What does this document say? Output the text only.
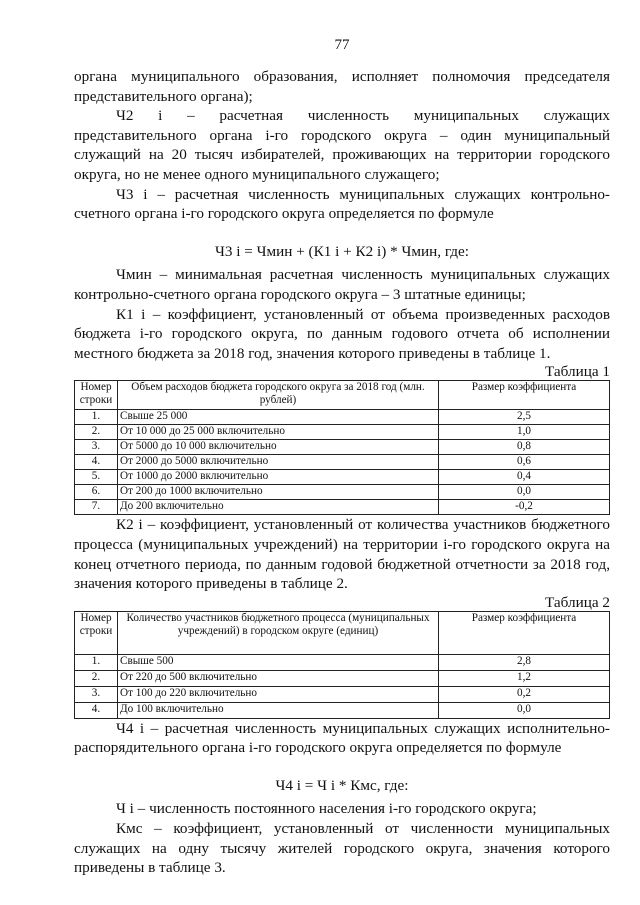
77

органа муниципального образования, исполняет полномочия председателя представительного органа);

Ч2 i – расчетная численность муниципальных служащих представительного органа i-го городского округа – один муниципальный служащий на 20 тысяч избирателей, проживающих на территории городского округа, но не менее одного муниципального служащего;

Ч3 i – расчетная численность муниципальных служащих контрольно-счетного органа i-го городского округа определяется по формуле

Ч3 i = Чмин + (К1 i + К2 i) * Чмин, где:

Чмин – минимальная расчетная численность муниципальных служащих контрольно-счетного органа городского округа – 3 штатные единицы;

К1 i – коэффициент, установленный от объема произведенных расходов бюджета i-го городского округа, по данным годового отчета об исполнении местного бюджета за 2018 год, значения которого приведены в таблице 1.

Таблица 1
Номер строки	Объем расходов бюджета городского округа за 2018 год (млн. рублей)	Размер коэффициента
1.	Свыше 25 000	2,5
2.	От 10 000 до 25 000 включительно	1,0
3.	От 5000 до 10 000 включительно	0,8
4.	От 2000 до 5000 включительно	0,6
5.	От 1000 до 2000 включительно	0,4
6.	От 200 до 1000 включительно	0,0
7.	До 200 включительно	-0,2

К2 i – коэффициент, установленный от количества участников бюджетного процесса (муниципальных учреждений) на территории i-го городского округа на конец отчетного периода, по данным годовой бюджетной отчетности за 2018 год, значения которого приведены в таблице 2.

Таблица 2
Номер строки	Количество участников бюджетного процесса (муниципальных учреждений) в городском округе (единиц)	Размер коэффициента
1.	Свыше 500	2,8
2.	От 220 до 500 включительно	1,2
3.	От 100 до 220 включительно	0,2
4.	До 100 включительно	0,0

Ч4 i – расчетная численность муниципальных служащих исполнительно-распорядительного органа i-го городского округа определяется по формуле

Ч4 i = Ч i * Кмс, где:

Ч i – численность постоянного населения i-го городского округа;

Кмс – коэффициент, установленный от численности муниципальных служащих на одну тысячу жителей городского округа, значения которого приведены в таблице 3.
